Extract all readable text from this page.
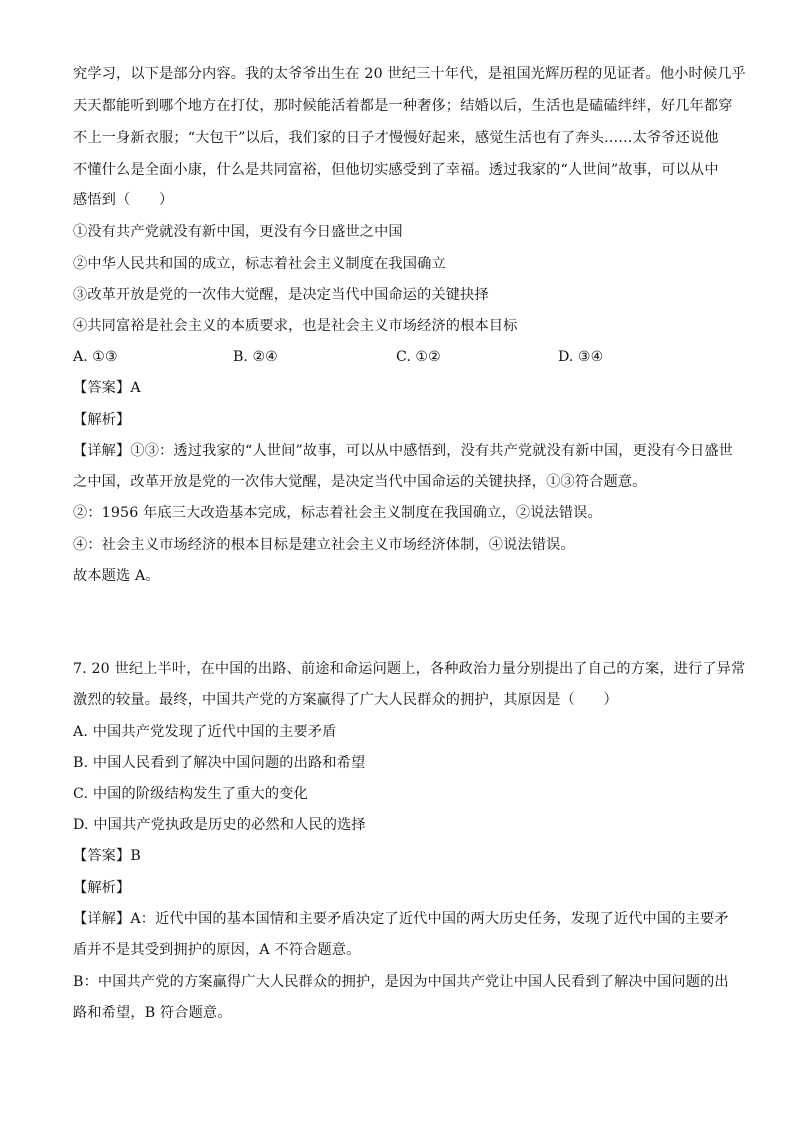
究学习，以下是部分内容。我的太爷爷出生在 20 世纪三十年代，是祖国光辉历程的见证者。他小时候几乎
天天都能听到哪个地方在打仗，那时候能活着都是一种奢侈；结婚以后，生活也是磕磕绊绊，好几年都穿
不上一身新衣服；“大包干”以后，我们家的日子才慢慢好起来，感觉生活也有了奔头……太爷爷还说他
不懂什么是全面小康，什么是共同富裕，但他切实感受到了幸福。透过我家的“人世间”故事，可以从中
感悟到（　　）
①没有共产党就没有新中国，更没有今日盛世之中国
②中华人民共和国的成立，标志着社会主义制度在我国确立
③改革开放是党的一次伟大觉醒，是决定当代中国命运的关键抉择
④共同富裕是社会主义的本质要求，也是社会主义市场经济的根本目标
A. ①③	B. ②④	C. ①②	D. ③④
【答案】A
【解析】
【详解】①③：透过我家的“人世间”故事，可以从中感悟到，没有共产党就没有新中国，更没有今日盛世
之中国，改革开放是党的一次伟大觉醒，是决定当代中国命运的关键抉择，①③符合题意。
②：1956 年底三大改造基本完成，标志着社会主义制度在我国确立，②说法错误。
④：社会主义市场经济的根本目标是建立社会主义市场经济体制，④说法错误。
故本题选 A。
7. 20 世纪上半叶，在中国的出路、前途和命运问题上，各种政治力量分别提出了自己的方案，进行了异常
激烈的较量。最终，中国共产党的方案赢得了广大人民群众的拥护，其原因是（　　）
A. 中国共产党发现了近代中国的主要矛盾
B. 中国人民看到了解决中国问题的出路和希望
C. 中国的阶级结构发生了重大的变化
D. 中国共产党执政是历史的必然和人民的选择
【答案】B
【解析】
【详解】A：近代中国的基本国情和主要矛盾决定了近代中国的两大历史任务，发现了近代中国的主要矛
盾并不是其受到拥护的原因，A 不符合题意。
B：中国共产党的方案赢得广大人民群众的拥护，是因为中国共产党让中国人民看到了解决中国问题的出
路和希望，B 符合题意。
